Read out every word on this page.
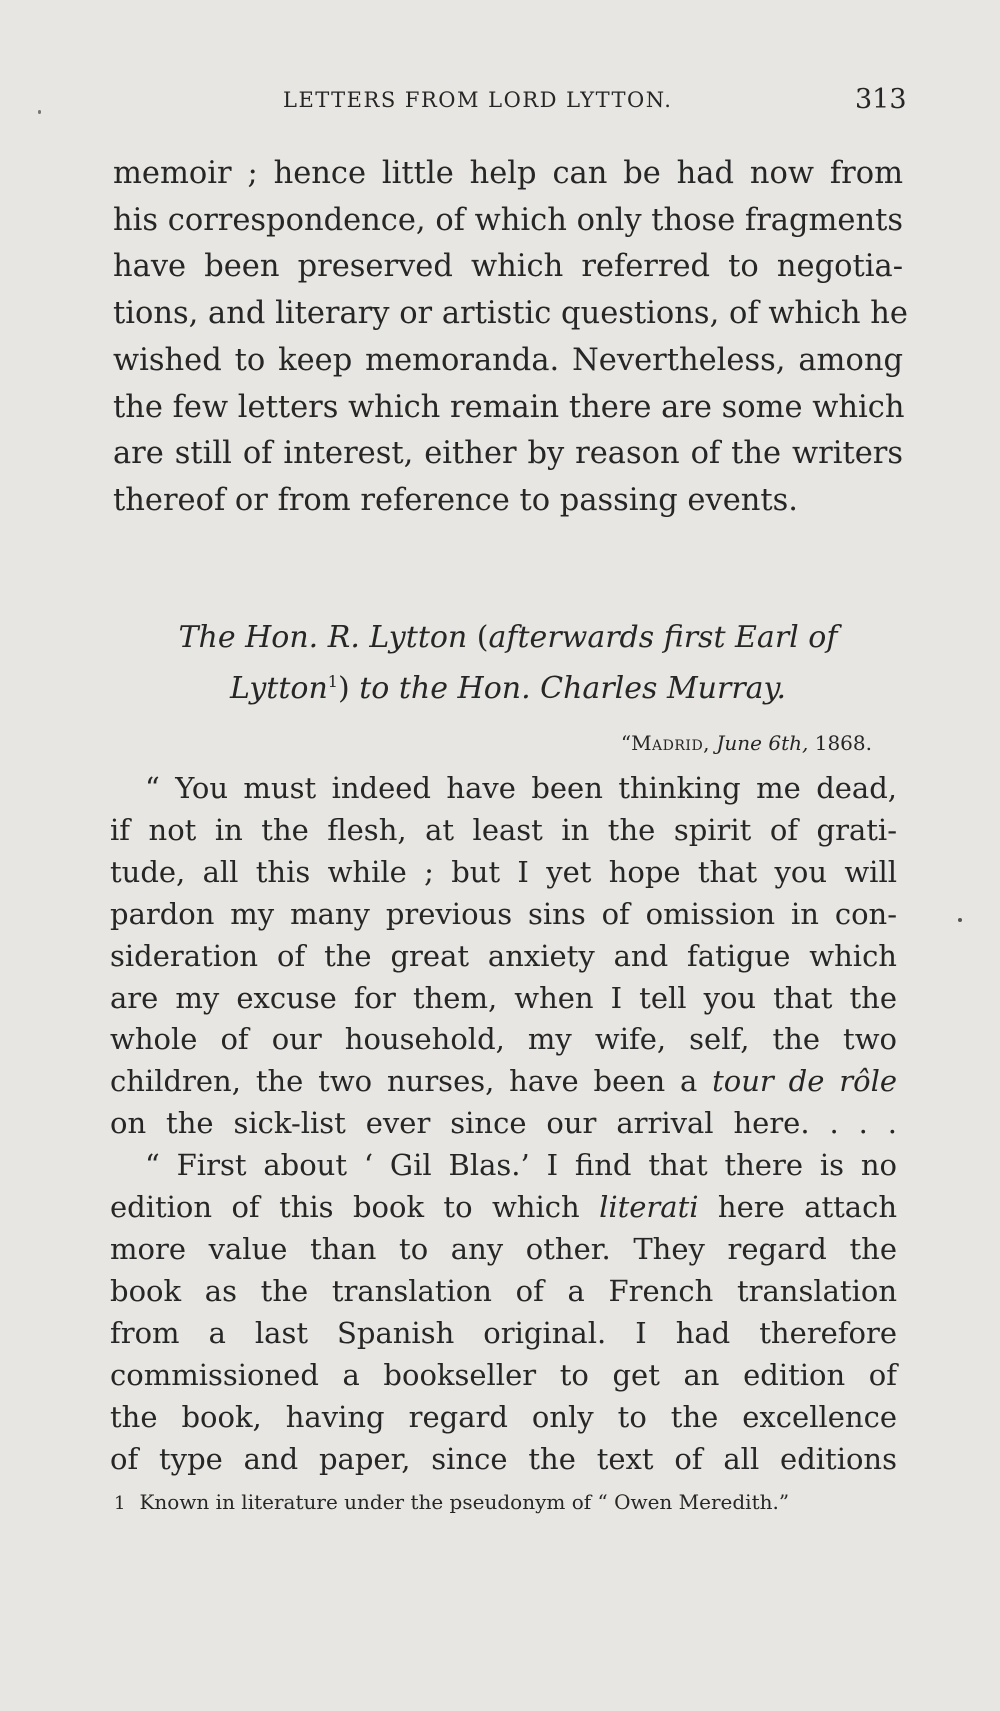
LETTERS FROM LORD LYTTON.	313
memoir ; hence little help can be had now from
his correspondence, of which only those fragments
have been preserved which referred to negotia-
tions, and literary or artistic questions, of which he
wished to keep memoranda. Nevertheless, among
the few letters which remain there are some which
are still of interest, either by reason of the writers
thereof or from reference to passing events.
The Hon. R. Lytton (afterwards first Earl of
Lytton$^1$) to the Hon. Charles Murray.
“Madrid, June 6th, 1868.
“ You must indeed have been thinking me dead,
if not in the flesh, at least in the spirit of grati-
tude, all this while ; but I yet hope that you will
pardon my many previous sins of omission in con-
sideration of the great anxiety and fatigue which
are my excuse for them, when I tell you that the
whole of our household, my wife, self, the two
children, the two nurses, have been a tour de rôle
on the sick-list ever since our arrival here. . . .
“ First about ‘ Gil Blas.’ I find that there is no
edition of this book to which literati here attach
more value than to any other. They regard the
book as the translation of a French translation
from a last Spanish original. I had therefore
commissioned a bookseller to get an edition of
the book, having regard only to the excellence
of type and paper, since the text of all editions
1 Known in literature under the pseudonym of “ Owen Meredith.”
